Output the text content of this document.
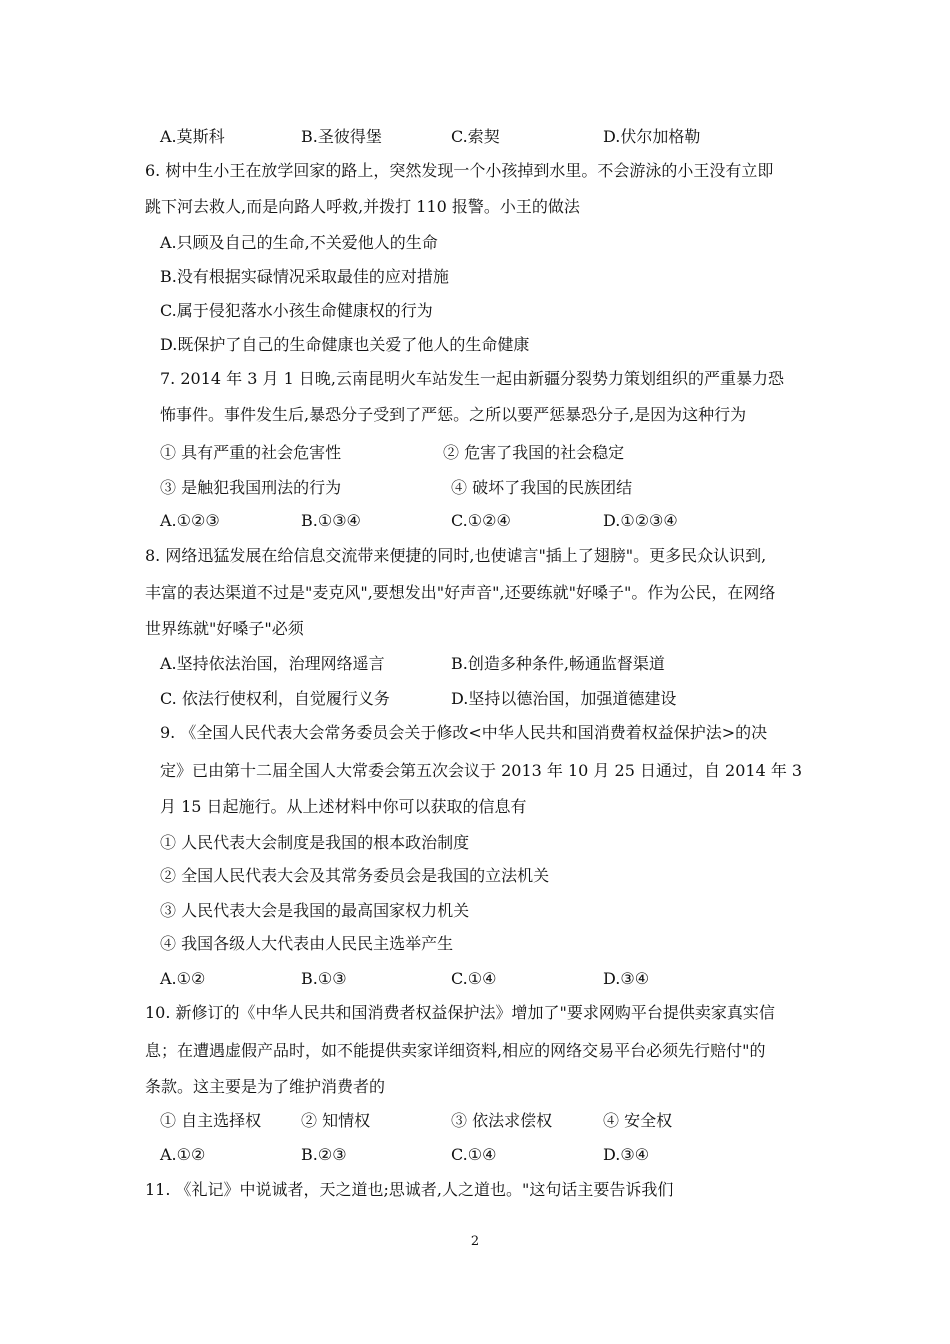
A.莫斯科	B.圣彼得堡	C.索契	D.伏尔加格勒
6. 树中生小王在放学回家的路上，突然发现一个小孩掉到水里。不会游泳的小王没有立即
跳下河去救人,而是向路人呼救,并拨打 110 报警。小王的做法
A.只顾及自己的生命,不关爱他人的生命
B.没有根据实碌情况采取最佳的应对措施
C.属于侵犯落水小孩生命健康权的行为
D.既保护了自己的生命健康也关爱了他人的生命健康
7. 2014 年 3 月 1 日晚,云南昆明火车站发生一起由新疆分裂势力策划组织的严重暴力恐
怖事件。事件发生后,暴恐分子受到了严惩。之所以要严惩暴恐分子,是因为这种行为
① 具有严重的社会危害性	② 危害了我国的社会稳定
③ 是触犯我国刑法的行为	④ 破坏了我国的民族团结
A.①②③	B.①③④	C.①②④	D.①②③④
8. 网络迅猛发展在给信息交流带来便捷的同时,也使谑言"插上了翅膀"。更多民众认识到,
丰富的表达渠道不过是"麦克风",要想发出"好声音",还要练就"好嗓子"。作为公民，在网络
世界练就"好嗓子"必须
A.坚持依法治国，治理网络遥言	B.创造多种条件,畅通监督渠道
C. 依法行使权利，自觉履行义务	D.坚持以德治国，加强道德建设
9. 《全国人民代表大会常务委员会关于修改<中华人民共和国消费着权益保护法>的决
定》已由第十二届全国人大常委会第五次会议于 2013 年 10 月 25 日通过，自 2014 年 3
月 15 日起施行。从上述材料中你可以获取的信息有
① 人民代表大会制度是我国的根本政治制度
② 全国人民代表大会及其常务委员会是我国的立法机关
③ 人民代表大会是我国的最高国家权力机关
④ 我国各级人大代表由人民民主选举产生
A.①②	B.①③	C.①④	D.③④
10. 新修订的《中华人民共和国消费者权益保护法》增加了"要求网购平台提供卖家真实信
息；在遭遇虚假产品时，如不能提供卖家详细资料,相应的网络交易平台必须先行赔付"的
条款。这主要是为了维护消费者的
① 自主选择权 ② 知情权	③ 依法求偿权	④ 安全权
A.①②	B.②③	C.①④	D.③④
11. 《礼记》中说诚者，天之道也;思诚者,人之道也。"这句话主要告诉我们
2
